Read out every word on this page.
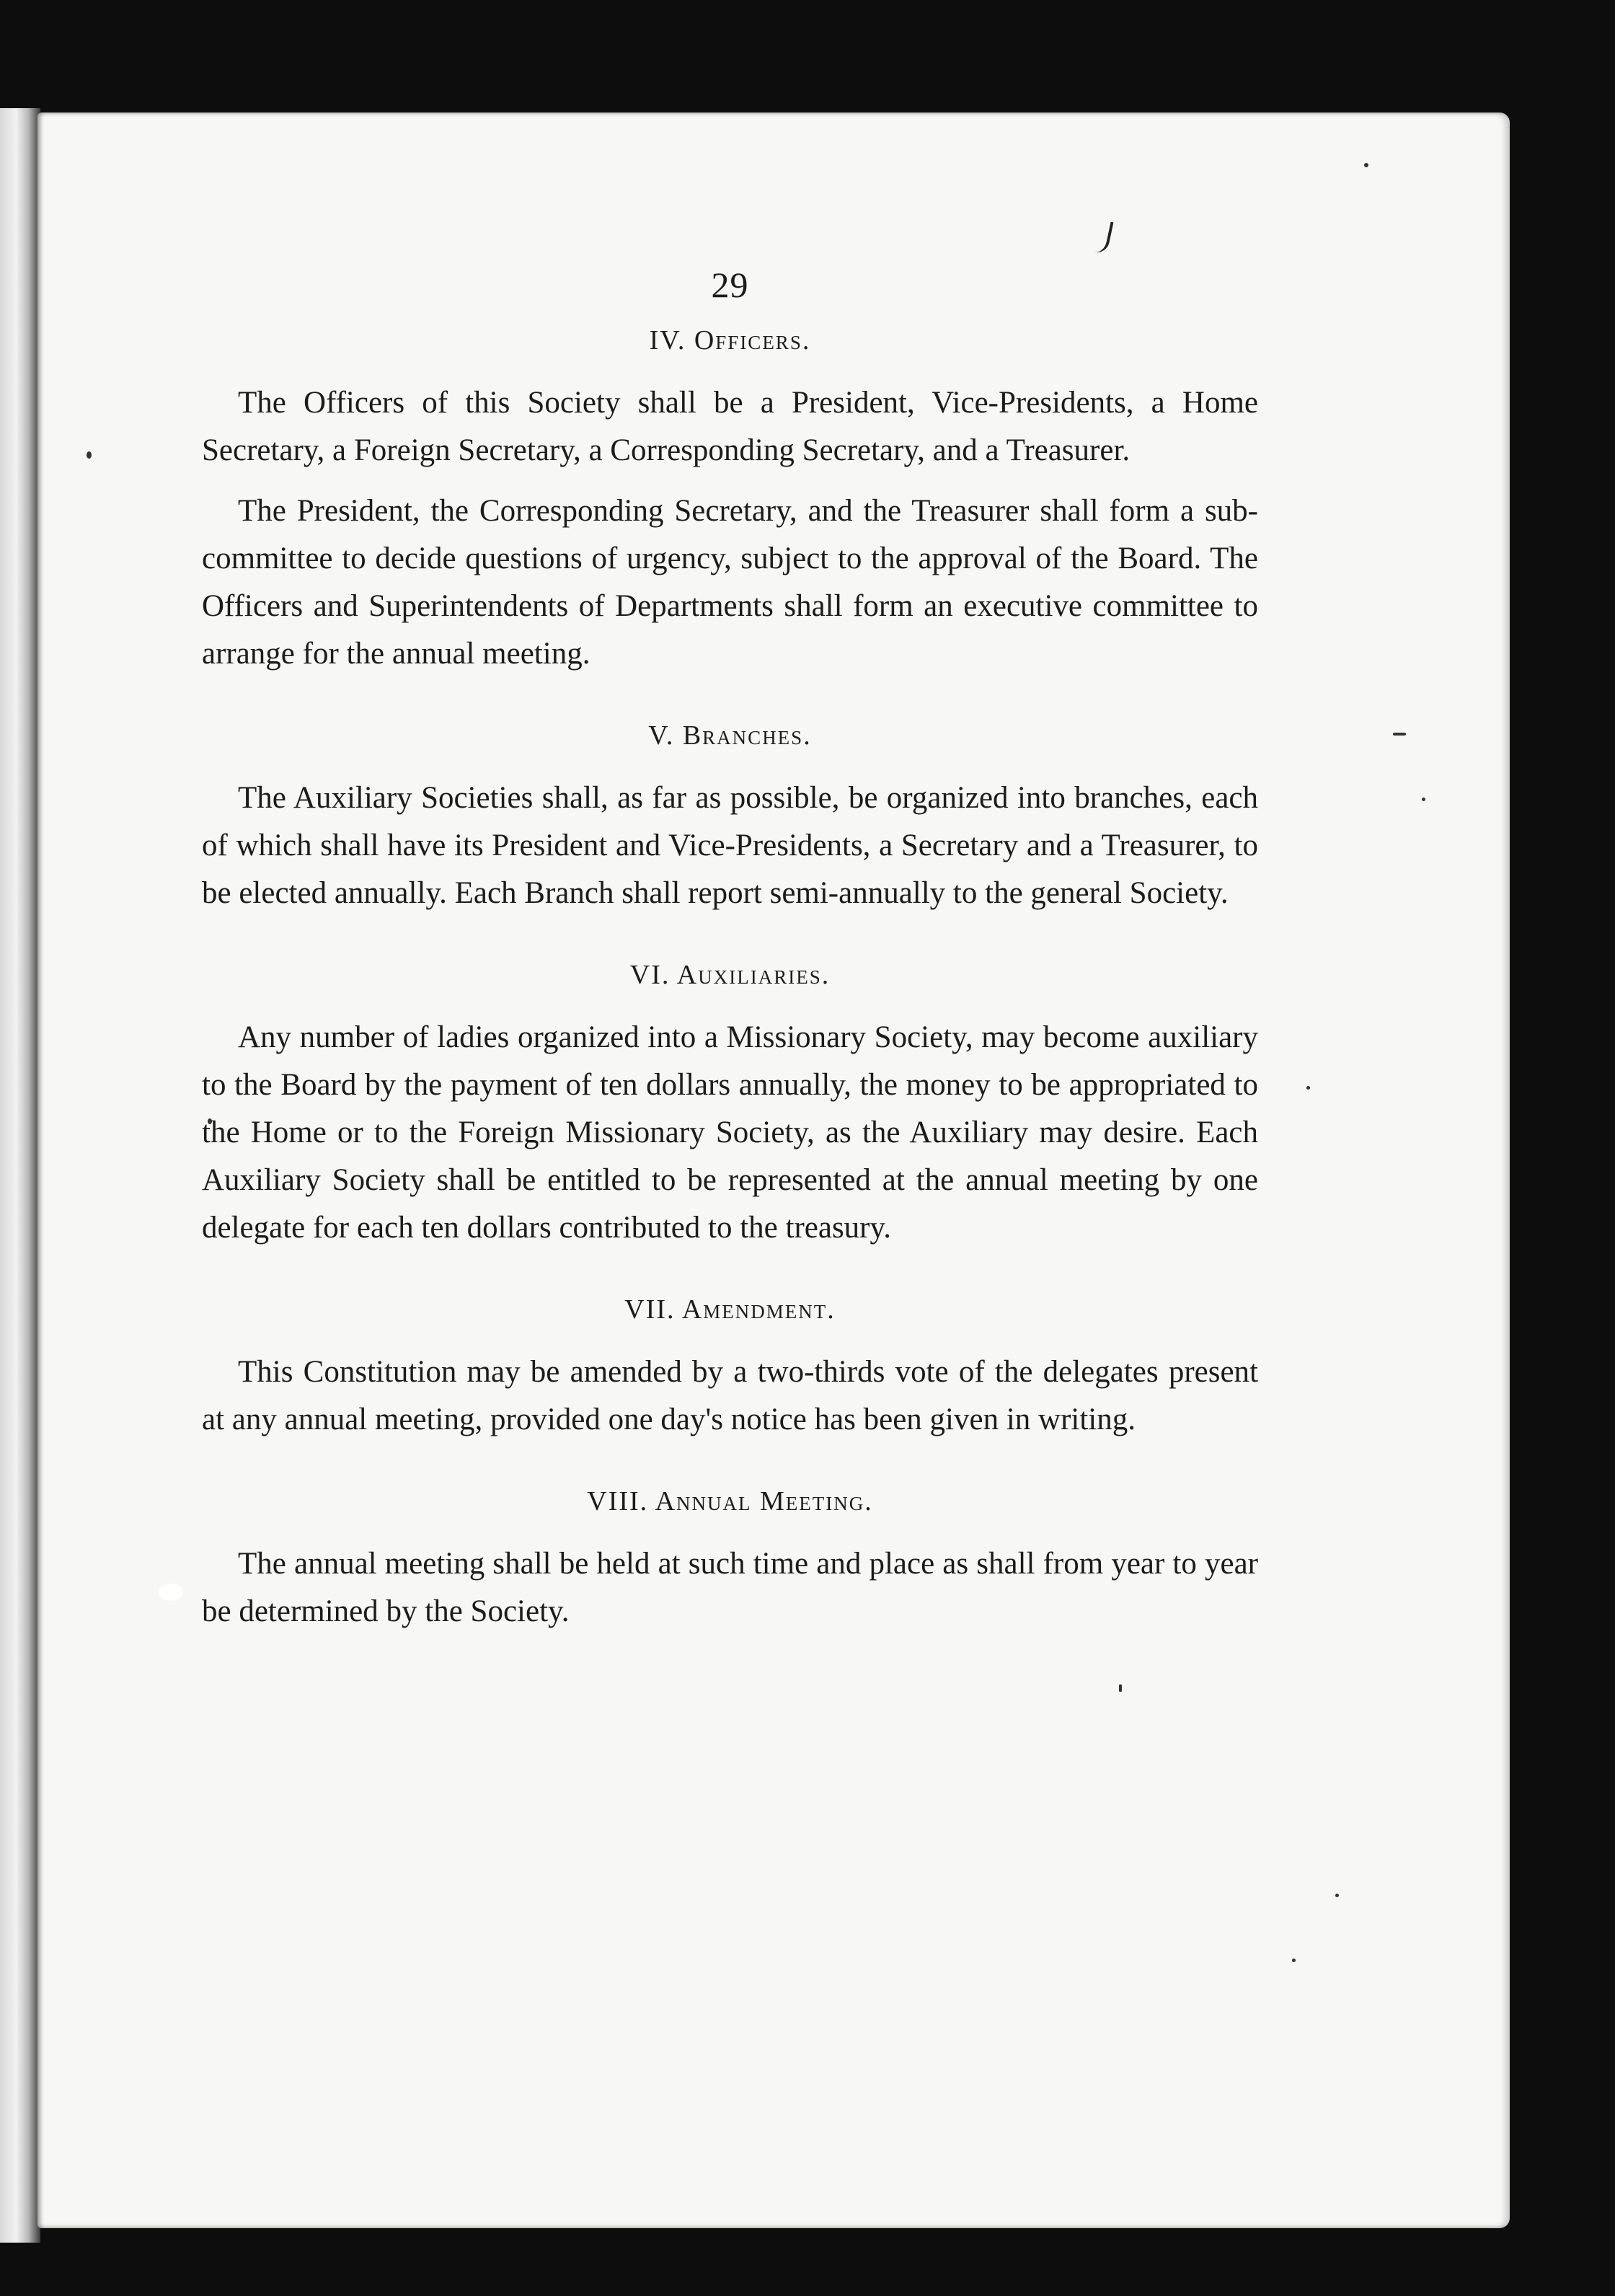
29

IV. Officers.

The Officers of this Society shall be a President, Vice-Presidents, a Home Secretary, a Foreign Secretary, a Corresponding Secretary, and a Treasurer.

The President, the Corresponding Secretary, and the Treasurer shall form a sub-committee to decide questions of urgency, subject to the approval of the Board. The Officers and Superintendents of Departments shall form an executive committee to arrange for the annual meeting.

V. Branches.

The Auxiliary Societies shall, as far as possible, be organized into branches, each of which shall have its President and Vice-Presidents, a Secretary and a Treasurer, to be elected annually. Each Branch shall report semi-annually to the general Society.

VI. Auxiliaries.

Any number of ladies organized into a Missionary Society, may become auxiliary to the Board by the payment of ten dollars annually, the money to be appropriated to the Home or to the Foreign Missionary Society, as the Auxiliary may desire. Each Auxiliary Society shall be entitled to be represented at the annual meeting by one delegate for each ten dollars contributed to the treasury.

VII. Amendment.

This Constitution may be amended by a two-thirds vote of the delegates present at any annual meeting, provided one day's notice has been given in writing.

VIII. Annual Meeting.

The annual meeting shall be held at such time and place as shall from year to year be determined by the Society.
